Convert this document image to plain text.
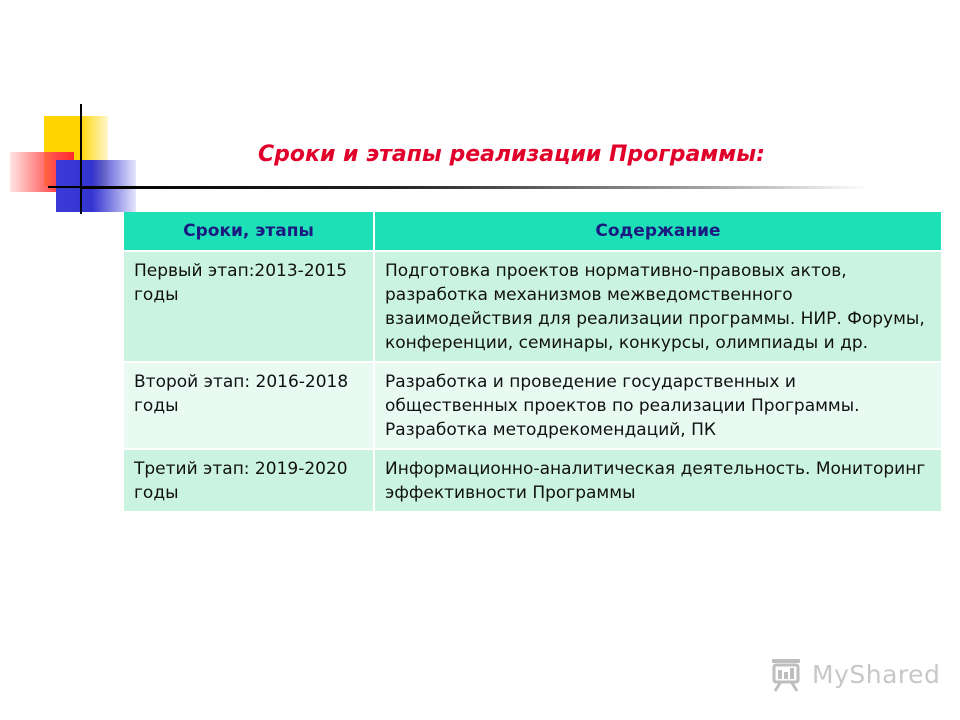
Сроки и этапы реализации Программы:
Сроки, этапы	Содержание
Первый этап:2013-2015 годы	Подготовка проектов нормативно-правовых актов, разработка механизмов межведомственного взаимодействия для реализации программы. НИР. Форумы, конференции, семинары, конкурсы, олимпиады и др.
Второй этап: 2016-2018 годы	Разработка и проведение государственных и общественных проектов по реализации Программы. Разработка методрекомендаций, ПК
Третий этап: 2019-2020 годы	Информационно-аналитическая деятельность. Мониторинг эффективности Программы
MyShared
